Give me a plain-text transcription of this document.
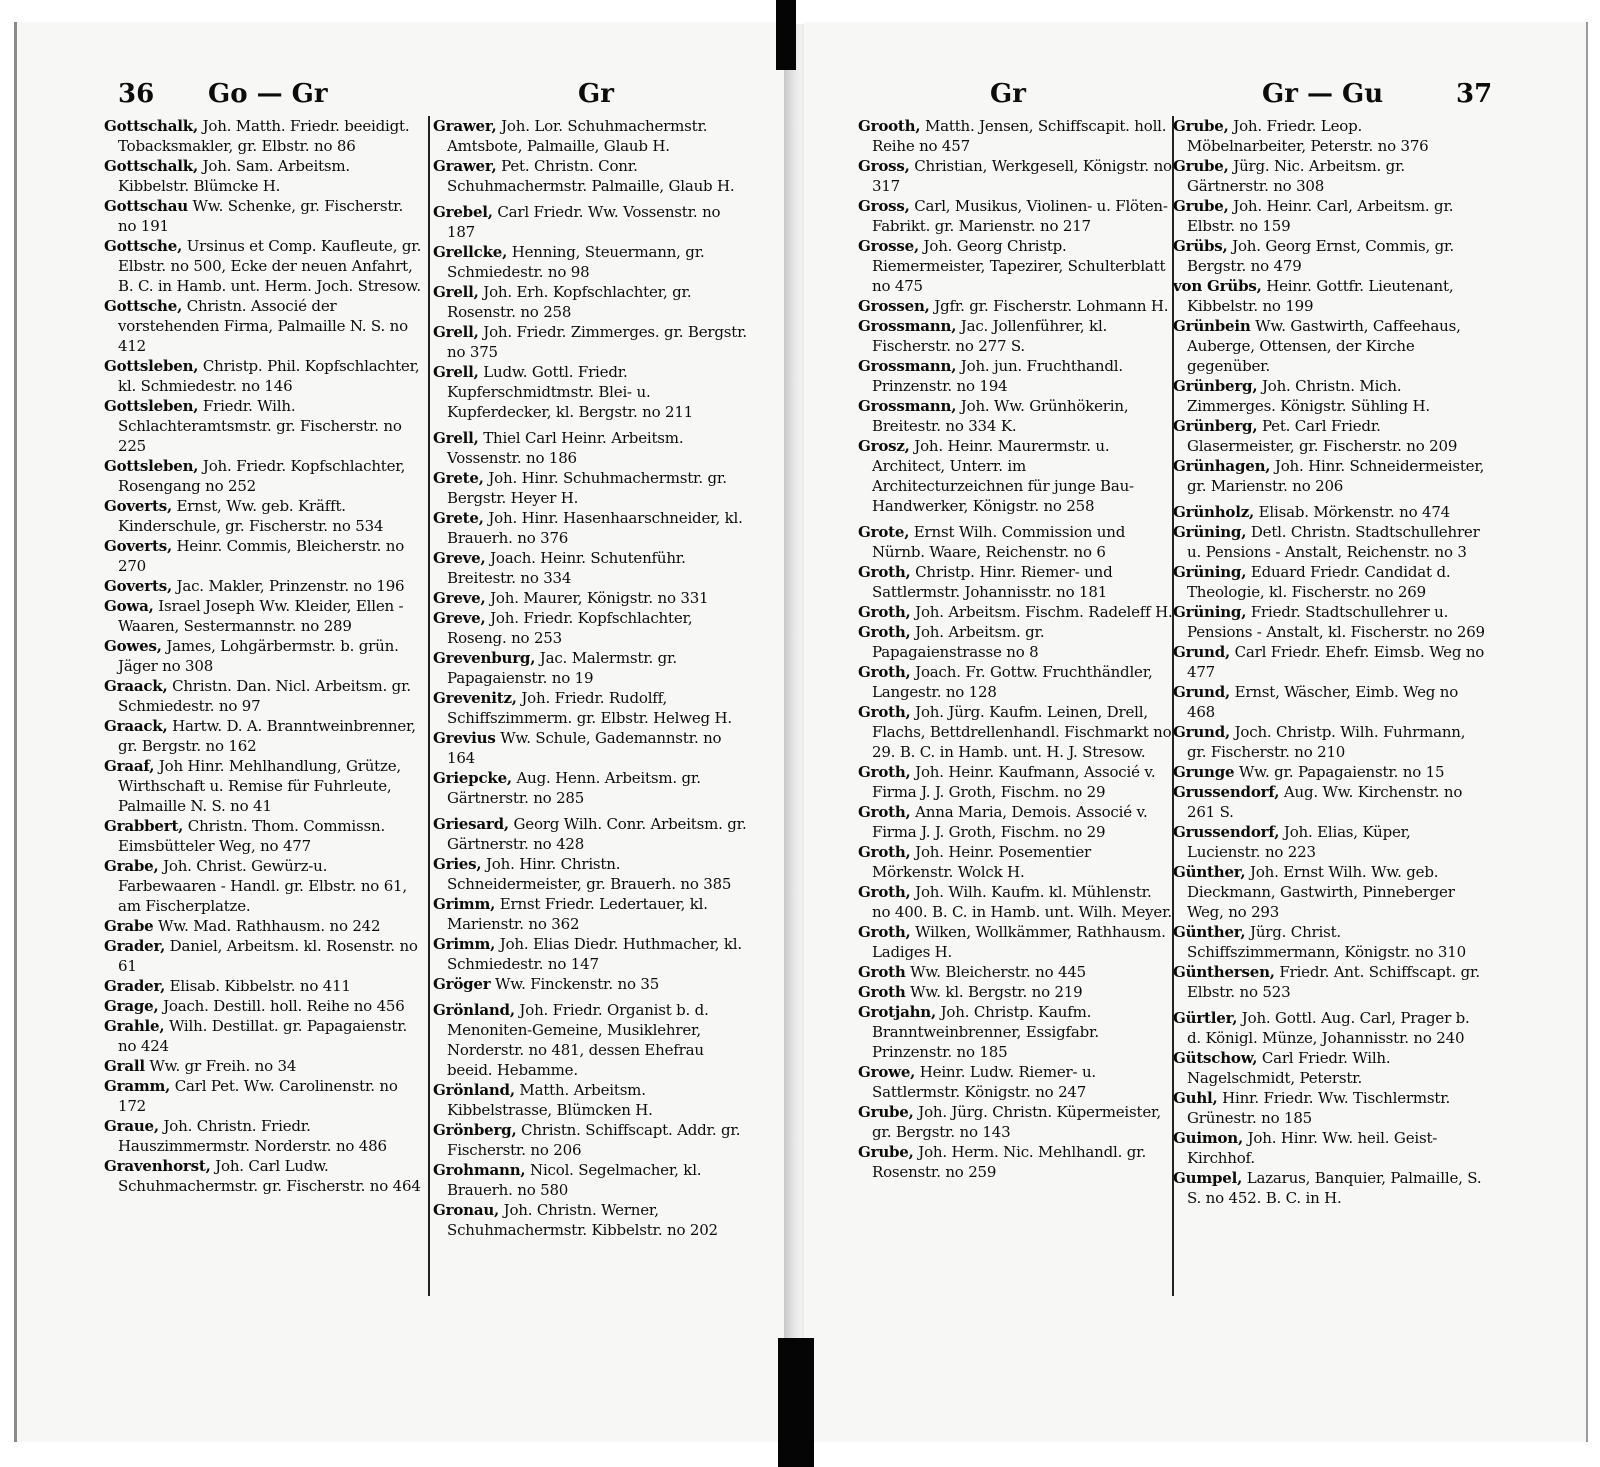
36 Go — Gr	Gr	Gr	Gr — Gu	37
Gottschalk, Joh. Matth. Friedr. beeidigt. Tobacksmakler, gr. Elbstr. no 86
Gottschalk, Joh. Sam. Arbeitsm. Kibbelstr. Blümcke H.
Gottschau Ww. Schenke, gr. Fischerstr. no 191
Gottsche, Ursinus et Comp. Kaufleute, gr. Elbstr. no 500, Ecke der neuen Anfahrt, B. C. in Hamb. unt. Herm. Joch. Stresow.
Gottsche, Christn. Associé der vorstehenden Firma, Palmaille N. S. no 412
Gottsleben, Christp. Phil. Kopfschlachter, kl. Schmiedestr. no 146
Gottsleben, Friedr. Wilh. Schlachteramtsmstr. gr. Fischerstr. no 225
Gottsleben, Joh. Friedr. Kopfschlachter, Rosengang no 252
Goverts, Ernst, Ww. geb. Kräfft. Kinderschule, gr. Fischerstr. no 534
Goverts, Heinr. Commis, Bleicherstr. no 270
Goverts, Jac. Makler, Prinzenstr. no 196
Gowa, Israel Joseph Ww. Kleider, Ellen - Waaren, Sestermannstr. no 289
Gowes, James, Lohgärbermstr. b. grün. Jäger no 308
Graack, Christn. Dan. Nicl. Arbeitsm. gr. Schmiedestr. no 97
Graack, Hartw. D. A. Branntweinbrenner, gr. Bergstr. no 162
Graaf, Joh Hinr. Mehlhandlung, Grütze, Wirthschaft u. Remise für Fuhrleute, Palmaille N. S. no 41
Grabbert, Christn. Thom. Commissn. Eimsbütteler Weg, no 477
Grabe, Joh. Christ. Gewürz-u. Farbewaaren - Handl. gr. Elbstr. no 61, am Fischerplatze.
Grabe Ww. Mad. Rathhausm. no 242
Grader, Daniel, Arbeitsm. kl. Rosenstr. no 61
Grader, Elisab. Kibbelstr. no 411
Grage, Joach. Destill. holl. Reihe no 456
Grahle, Wilh. Destillat. gr. Papagaienstr. no 424
Grall Ww. gr Freih. no 34
Gramm, Carl Pet. Ww. Carolinenstr. no 172
Graue, Joh. Christn. Friedr. Hauszimmermstr. Norderstr. no 486
Gravenhorst, Joh. Carl Ludw. Schuhmachermstr. gr. Fischerstr. no 464
Grawer, Joh. Lor. Schuhmachermstr. Amtsbote, Palmaille, Glaub H.
Grawer, Pet. Christn. Conr. Schuhmachermstr. Palmaille, Glaub H.
Grebel, Carl Friedr. Ww. Vossenstr. no 187
Grellcke, Henning, Steuermann, gr. Schmiedestr. no 98
Grell, Joh. Erh. Kopfschlachter, gr. Rosenstr. no 258
Grell, Joh. Friedr. Zimmerges. gr. Bergstr. no 375
Grell, Ludw. Gottl. Friedr. Kupferschmidtmstr. Blei- u. Kupferdecker, kl. Bergstr. no 211
Grell, Thiel Carl Heinr. Arbeitsm. Vossenstr. no 186
Grete, Joh. Hinr. Schuhmachermstr. gr. Bergstr. Heyer H.
Grete, Joh. Hinr. Hasenhaarschneider, kl. Brauerh. no 376
Greve, Joach. Heinr. Schutenführ. Breitestr. no 334
Greve, Joh. Maurer, Königstr. no 331
Greve, Joh. Friedr. Kopfschlachter, Roseng. no 253
Grevenburg, Jac. Malermstr. gr. Papagaienstr. no 19
Grevenitz, Joh. Friedr. Rudolff, Schiffszimmerm. gr. Elbstr. Helweg H.
Grevius Ww. Schule, Gademannstr. no 164
Griepcke, Aug. Henn. Arbeitsm. gr. Gärtnerstr. no 285
Griesard, Georg Wilh. Conr. Arbeitsm. gr. Gärtnerstr. no 428
Gries, Joh. Hinr. Christn. Schneidermeister, gr. Brauerh. no 385
Grimm, Ernst Friedr. Ledertauer, kl. Marienstr. no 362
Grimm, Joh. Elias Diedr. Huthmacher, kl. Schmiedestr. no 147
Gröger Ww. Finckenstr. no 35
Grönland, Joh. Friedr. Organist b. d. Menoniten-Gemeine, Musiklehrer, Norderstr. no 481, dessen Ehefrau beeid. Hebamme.
Grönland, Matth. Arbeitsm. Kibbelstrasse, Blümcken H.
Grönberg, Christn. Schiffscapt. Addr. gr. Fischerstr. no 206
Grohmann, Nicol. Segelmacher, kl. Brauerh. no 580
Gronau, Joh. Christn. Werner, Schuhmachermstr. Kibbelstr. no 202
Grooth, Matth. Jensen, Schiffscapit. holl. Reihe no 457
Gross, Christian, Werkgesell, Königstr. no 317
Gross, Carl, Musikus, Violinen- u. Flöten-Fabrikt. gr. Marienstr. no 217
Grosse, Joh. Georg Christp. Riemermeister, Tapezirer, Schulterblatt no 475
Grossen, Jgfr. gr. Fischerstr. Lohmann H.
Grossmann, Jac. Jollenführer, kl. Fischerstr. no 277 S.
Grossmann, Joh. jun. Fruchthandl. Prinzenstr. no 194
Grossmann, Joh. Ww. Grünhökerin, Breitestr. no 334 K.
Grosz, Joh. Heinr. Maurermstr. u. Architect, Unterr. im Architecturzeichnen für junge Bau-Handwerker, Königstr. no 258
Grote, Ernst Wilh. Commission und Nürnb. Waare, Reichenstr. no 6
Groth, Christp. Hinr. Riemer- und Sattlermstr. Johannisstr. no 181
Groth, Joh. Arbeitsm. Fischm. Radeleff H.
Groth, Joh. Arbeitsm. gr. Papagaienstrasse no 8
Groth, Joach. Fr. Gottw. Fruchthändler, Langestr. no 128
Groth, Joh. Jürg. Kaufm. Leinen, Drell, Flachs, Bettdrellenhandl. Fischmarkt no 29. B. C. in Hamb. unt. H. J. Stresow.
Groth, Joh. Heinr. Kaufmann, Associé v. Firma J. J. Groth, Fischm. no 29
Groth, Anna Maria, Demois. Associé v. Firma J. J. Groth, Fischm. no 29
Groth, Joh. Heinr. Posementier Mörkenstr. Wolck H.
Groth, Joh. Wilh. Kaufm. kl. Mühlenstr. no 400. B. C. in Hamb. unt. Wilh. Meyer.
Groth, Wilken, Wollkämmer, Rathhausm. Ladiges H.
Groth Ww. Bleicherstr. no 445
Groth Ww. kl. Bergstr. no 219
Grotjahn, Joh. Christp. Kaufm. Branntweinbrenner, Essigfabr. Prinzenstr. no 185
Growe, Heinr. Ludw. Riemer- u. Sattlermstr. Königstr. no 247
Grube, Joh. Jürg. Christn. Küpermeister, gr. Bergstr. no 143
Grube, Joh. Herm. Nic. Mehlhandl. gr. Rosenstr. no 259
Grube, Joh. Friedr. Leop. Möbelnarbeiter, Peterstr. no 376
Grube, Jürg. Nic. Arbeitsm. gr. Gärtnerstr. no 308
Grube, Joh. Heinr. Carl, Arbeitsm. gr. Elbstr. no 159
Grübs, Joh. Georg Ernst, Commis, gr. Bergstr. no 479
von Grübs, Heinr. Gottfr. Lieutenant, Kibbelstr. no 199
Grünbein Ww. Gastwirth, Caffeehaus, Auberge, Ottensen, der Kirche gegenüber.
Grünberg, Joh. Christn. Mich. Zimmerges. Königstr. Sühling H.
Grünberg, Pet. Carl Friedr. Glasermeister, gr. Fischerstr. no 209
Grünhagen, Joh. Hinr. Schneidermeister, gr. Marienstr. no 206
Grünholz, Elisab. Mörkenstr. no 474
Grüning, Detl. Christn. Stadtschullehrer u. Pensions - Anstalt, Reichenstr. no 3
Grüning, Eduard Friedr. Candidat d. Theologie, kl. Fischerstr. no 269
Grüning, Friedr. Stadtschullehrer u. Pensions - Anstalt, kl. Fischerstr. no 269
Grund, Carl Friedr. Ehefr. Eimsb. Weg no 477
Grund, Ernst, Wäscher, Eimb. Weg no 468
Grund, Joch. Christp. Wilh. Fuhrmann, gr. Fischerstr. no 210
Grunge Ww. gr. Papagaienstr. no 15
Grussendorf, Aug. Ww. Kirchenstr. no 261 S.
Grussendorf, Joh. Elias, Küper, Lucienstr. no 223
Günther, Joh. Ernst Wilh. Ww. geb. Dieckmann, Gastwirth, Pinneberger Weg, no 293
Günther, Jürg. Christ. Schiffszimmermann, Königstr. no 310
Günthersen, Friedr. Ant. Schiffscapt. gr. Elbstr. no 523
Gürtler, Joh. Gottl. Aug. Carl, Prager b. d. Königl. Münze, Johannisstr. no 240
Gütschow, Carl Friedr. Wilh. Nagelschmidt, Peterstr.
Guhl, Hinr. Friedr. Ww. Tischlermstr. Grünestr. no 185
Guimon, Joh. Hinr. Ww. heil. Geist-Kirchhof.
Gumpel, Lazarus, Banquier, Palmaille, S. S. no 452. B. C. in H.
